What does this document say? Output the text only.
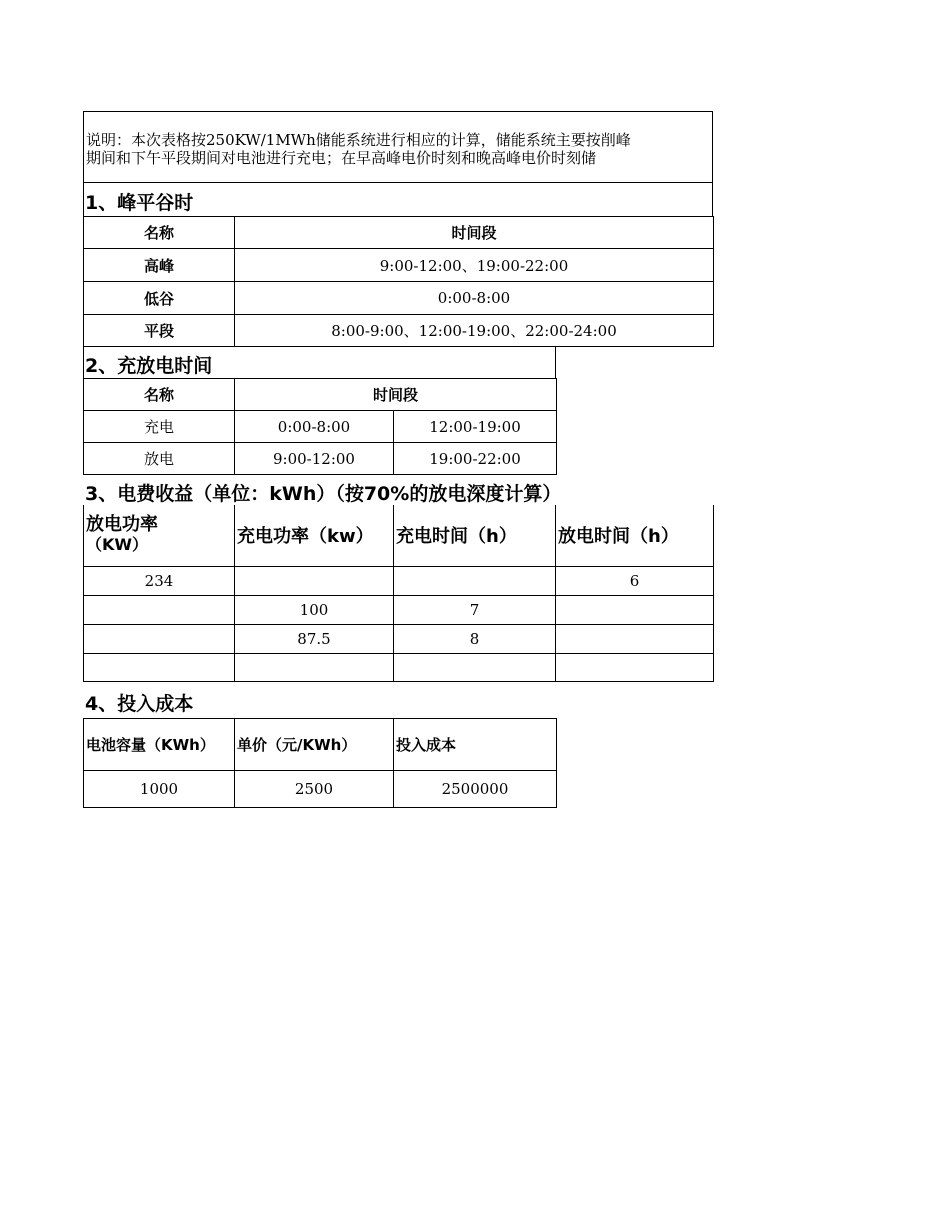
说明：本次表格按250KW/1MWh储能系统进行相应的计算，储能系统主要按削峰
期间和下午平段期间对电池进行充电；在早高峰电价时刻和晚高峰电价时刻储
1、峰平谷时
名称	时间段
高峰	9:00-12:00、19:00-22:00
低谷	0:00-8:00
平段	8:00-9:00、12:00-19:00、22:00-24:00
2、充放电时间
名称	时间段	
充电	0:00-8:00	12:00-19:00
放电	9:00-12:00	19:00-22:00
3、电费收益（单位：kWh）（按70%的放电深度计算）
放电功率
（KW）	充电功率（kw）	充电时间（h）	放电时间（h）
234			6
	100	7	
	87.5	8	

4、投入成本
电池容量（KWh）	单价（元/KWh）	投入成本
1000	2500	2500000
